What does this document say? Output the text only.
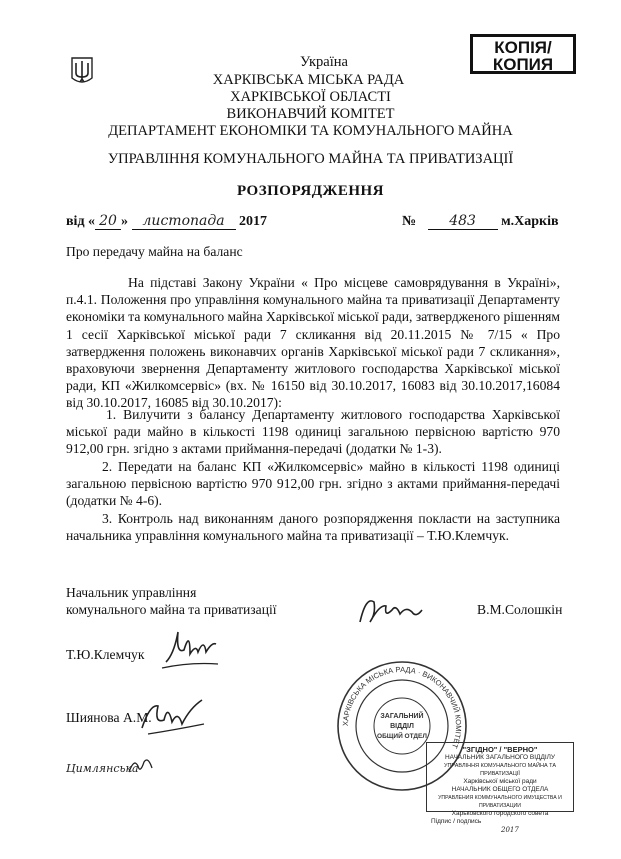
КОПІЯ/
КОПИЯ
Україна
ХАРКІВСЬКА МІСЬКА РАДА
ХАРКІВСЬКОЇ ОБЛАСТІ
ВИКОНАВЧИЙ КОМІТЕТ
ДЕПАРТАМЕНТ ЕКОНОМІКИ ТА КОМУНАЛЬНОГО МАЙНА
УПРАВЛІННЯ КОМУНАЛЬНОГО МАЙНА ТА ПРИВАТИЗАЦІЇ
РОЗПОРЯДЖЕННЯ
від « 20 » листопада 2017	№ 483 м.Харків
Про передачу майна на баланс
На підставі Закону України « Про місцеве самоврядування в Україні», п.4.1. Положення про управління комунального майна та приватизації Департаменту економіки та комунального майна Харківської міської ради, затвердженого рішенням 1 сесії Харківської міської ради 7 скликання від 20.11.2015 № 7/15 « Про затвердження положень виконавчих органів Харківської міської ради 7 скликання», враховуючи звернення Департаменту житлового господарства Харківської міської ради, КП «Жилкомсервіс» (вх. № 16150 від 30.10.2017, 16083 від 30.10.2017,16084 від 30.10.2017, 16085 від 30.10.2017):
1. Вилучити з балансу Департаменту житлового господарства Харківської міської ради майно в кількості 1198 одиниці загальною первісною вартістю 970 912,00 грн. згідно з актами приймання-передачі (додатки № 1-3).
2. Передати на баланс КП «Жилкомсервіс» майно в кількості 1198 одиниці загальною первісною вартістю 970 912,00 грн. згідно з актами приймання-передачі (додатки № 4-6).
3. Контроль над виконанням даного розпорядження покласти на заступника начальника управління комунального майна та приватизації – Т.Ю.Клемчук.
Начальник управління
комунального майна та приватизації	В.М.Солошкін
Т.Ю.Клемчук
Шиянова А.М.
Цимлянська
ХАРКІВСЬКА МІСЬКА РАДА · ВИКОНАВЧИЙ КОМІТЕТ
ЗАГАЛЬНИЙ
ВІДДІЛ
ОБЩИЙ ОТДЕЛ
"ЗГІДНО" / "ВЕРНО"
НАЧАЛЬНИК ЗАГАЛЬНОГО ВІДДІЛУ
УПРАВЛІННЯ КОМУНАЛЬНОГО МАЙНА ТА ПРИВАТИЗАЦІЇ
Харківської міської ради
НАЧАЛЬНИК ОБЩЕГО ОТДЕЛА
УПРАВЛЕНИЯ КОММУНАЛЬНОГО ИМУЩЕСТВА И ПРИВАТИЗАЦИИ
Харьковского городского совета
Підпис / подпись 2017
